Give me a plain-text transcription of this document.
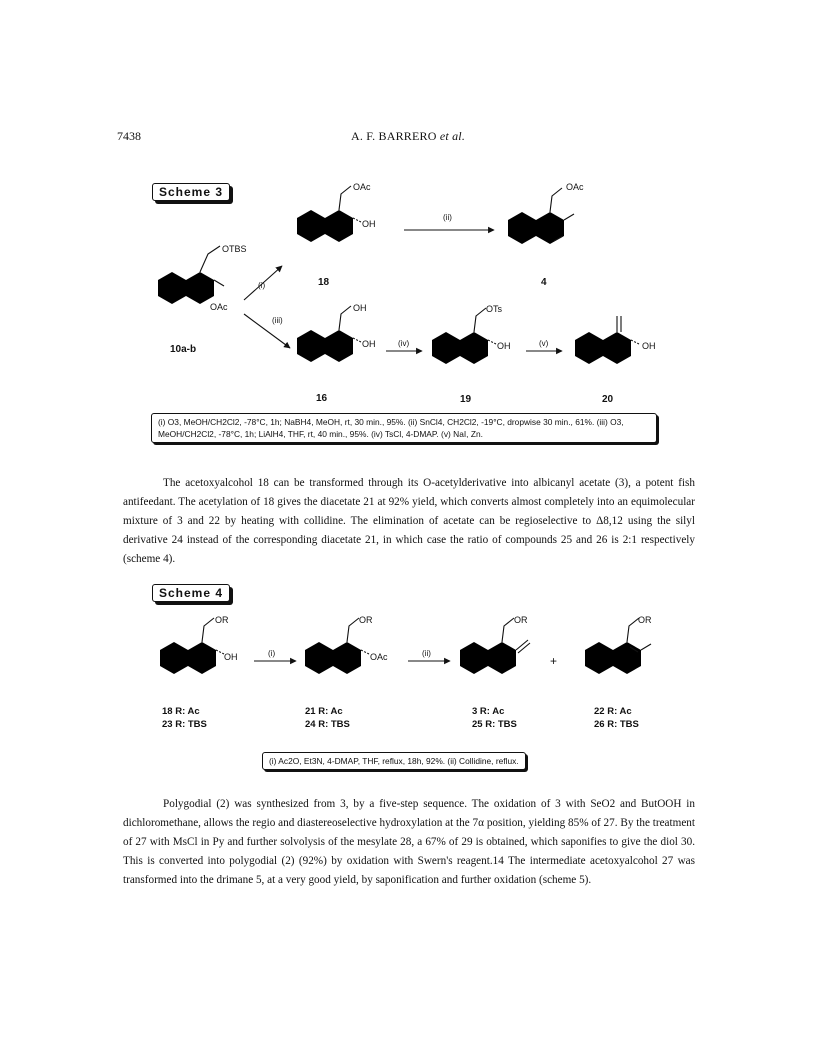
7438	A. F. BARRERO et al.
Scheme 3
Scheme 4
OTBS
OAc
10a-b
OAc
OH
18
OAc
4
OH
OH
16
OTs
OH
19
OH
20
(i)
(ii)
(iii)
(iv)	(v)
OR
OH
18 R: Ac
23 R: TBS
OR
OAc
21 R: Ac
24 R: TBS
OR
3 R: Ac
25 R: TBS
+
OR
22 R: Ac
26 R: TBS
(i)	(ii)
(i) O3, MeOH/CH2Cl2, -78°C, 1h; NaBH4, MeOH, rt, 30 min., 95%. (ii) SnCl4, CH2Cl2, -19°C, dropwise 30 min., 61%. (iii) O3, MeOH/CH2Cl2, -78°C, 1h; LiAlH4, THF, rt, 40 min., 95%. (iv) TsCl, 4-DMAP. (v) NaI, Zn.
(i) Ac2O, Et3N, 4-DMAP, THF, reflux, 18h, 92%. (ii) Collidine, reflux.

The acetoxyalcohol 18 can be transformed through its O-acetylderivative into albicanyl acetate (3), a potent fish antifeedant. The acetylation of 18 gives the diacetate 21 at 92% yield, which converts almost completely into an equimolecular mixture of 3 and 22 by heating with collidine. The elimination of acetate can be regioselective to Δ8,12 using the silyl derivative 24 instead of the corresponding diacetate 21, in which case the ratio of compounds 25 and 26 is 2:1 respectively (scheme 4).

Polygodial (2) was synthesized from 3, by a five-step sequence. The oxidation of 3 with SeO2 and ButOOH in dichloromethane, allows the regio and diastereoselective hydroxylation at the 7α position, yielding 85% of 27. By the treatment of 27 with MsCl in Py and further solvolysis of the mesylate 28, a 67% of 29 is obtained, which saponifies to give the diol 30. This is converted into polygodial (2) (92%) by oxidation with Swern's reagent.14 The intermediate acetoxyalcohol 27 was transformed into the drimane 5, at a very good yield, by saponification and further oxidation (scheme 5).
